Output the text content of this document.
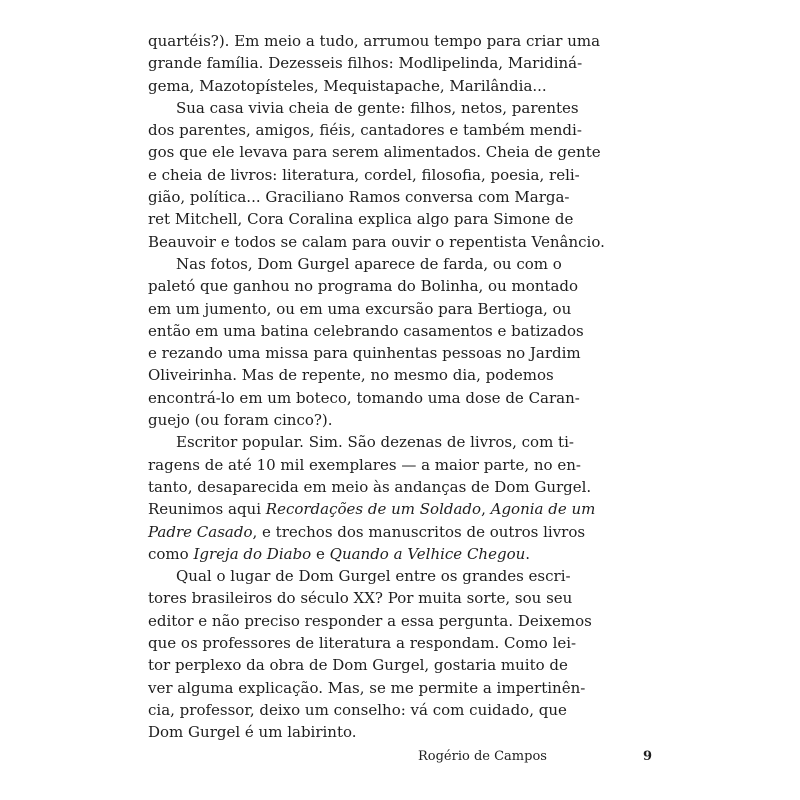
quartéis?). Em meio a tudo, arrumou tempo para criar uma
grande família. Dezesseis filhos: Modlipelinda, Maridiná-
gema, Mazotopísteles, Mequistapache, Marilândia...
Sua casa vivia cheia de gente: filhos, netos, parentes
dos parentes, amigos, fiéis, cantadores e também mendi-
gos que ele levava para serem alimentados. Cheia de gente
e cheia de livros: literatura, cordel, filosofia, poesia, reli-
gião, política... Graciliano Ramos conversa com Marga-
ret Mitchell, Cora Coralina explica algo para Simone de
Beauvoir e todos se calam para ouvir o repentista Venâncio.
Nas fotos, Dom Gurgel aparece de farda, ou com o
paletó que ganhou no programa do Bolinha, ou montado
em um jumento, ou em uma excursão para Bertioga, ou
então em uma batina celebrando casamentos e batizados
e rezando uma missa para quinhentas pessoas no Jardim
Oliveirinha. Mas de repente, no mesmo dia, podemos
encontrá-lo em um boteco, tomando uma dose de Caran-
guejo (ou foram cinco?).
Escritor popular. Sim. São dezenas de livros, com ti-
ragens de até 10 mil exemplares — a maior parte, no en-
tanto, desaparecida em meio às andanças de Dom Gurgel.
Reunimos aqui Recordações de um Soldado, Agonia de um
Padre Casado, e trechos dos manuscritos de outros livros
como Igreja do Diabo e Quando a Velhice Chegou.
Qual o lugar de Dom Gurgel entre os grandes escri-
tores brasileiros do século XX? Por muita sorte, sou seu
editor e não preciso responder a essa pergunta. Deixemos
que os professores de literatura a respondam. Como lei-
tor perplexo da obra de Dom Gurgel, gostaria muito de
ver alguma explicação. Mas, se me permite a impertinên-
cia, professor, deixo um conselho: vá com cuidado, que
Dom Gurgel é um labirinto.
Rogério de Campos	9
